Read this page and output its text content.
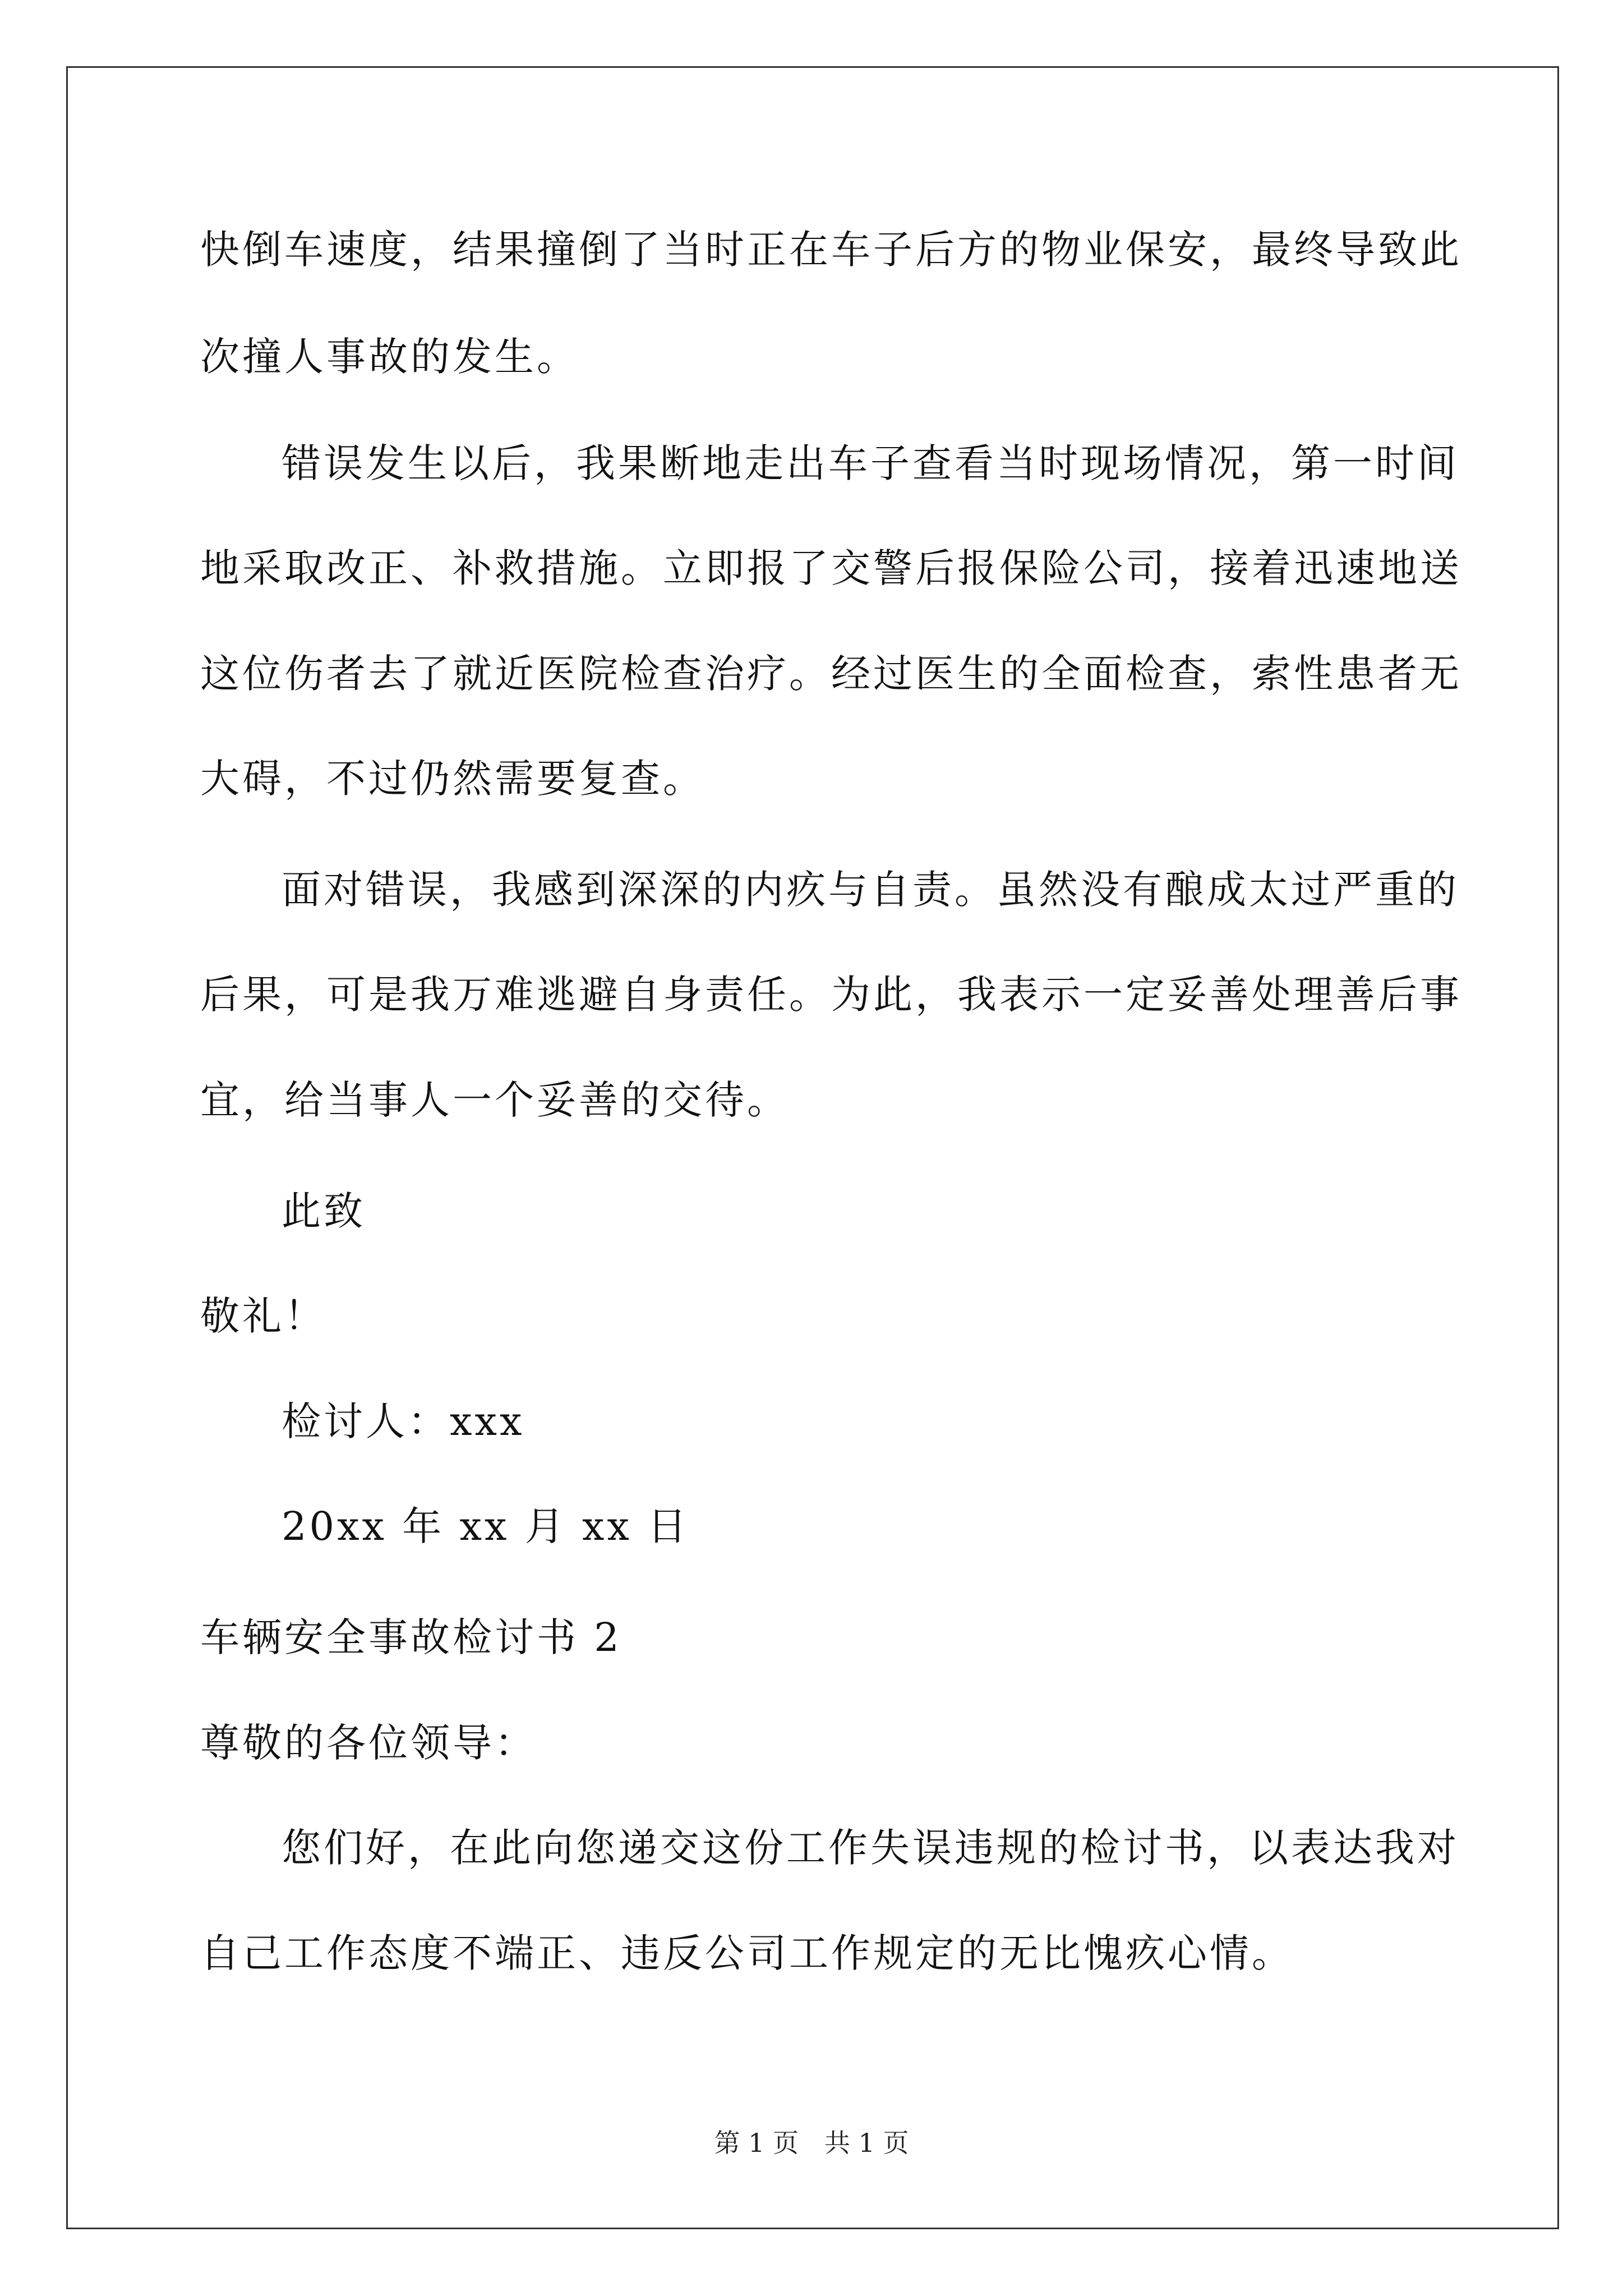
快倒车速度，结果撞倒了当时正在车子后方的物业保安，最终导致此
次撞人事故的发生。
错误发生以后，我果断地走出车子查看当时现场情况，第一时间
地采取改正、补救措施。立即报了交警后报保险公司，接着迅速地送
这位伤者去了就近医院检查治疗。经过医生的全面检查，索性患者无
大碍，不过仍然需要复查。
面对错误，我感到深深的内疚与自责。虽然没有酿成太过严重的
后果，可是我万难逃避自身责任。为此，我表示一定妥善处理善后事
宜，给当事人一个妥善的交待。
此致
敬礼！
检讨人：xxx
20xx 年 xx 月 xx 日
车辆安全事故检讨书 2
尊敬的各位领导：
您们好，在此向您递交这份工作失误违规的检讨书，以表达我对
自己工作态度不端正、违反公司工作规定的无比愧疚心情。
第 1 页　共 1 页
